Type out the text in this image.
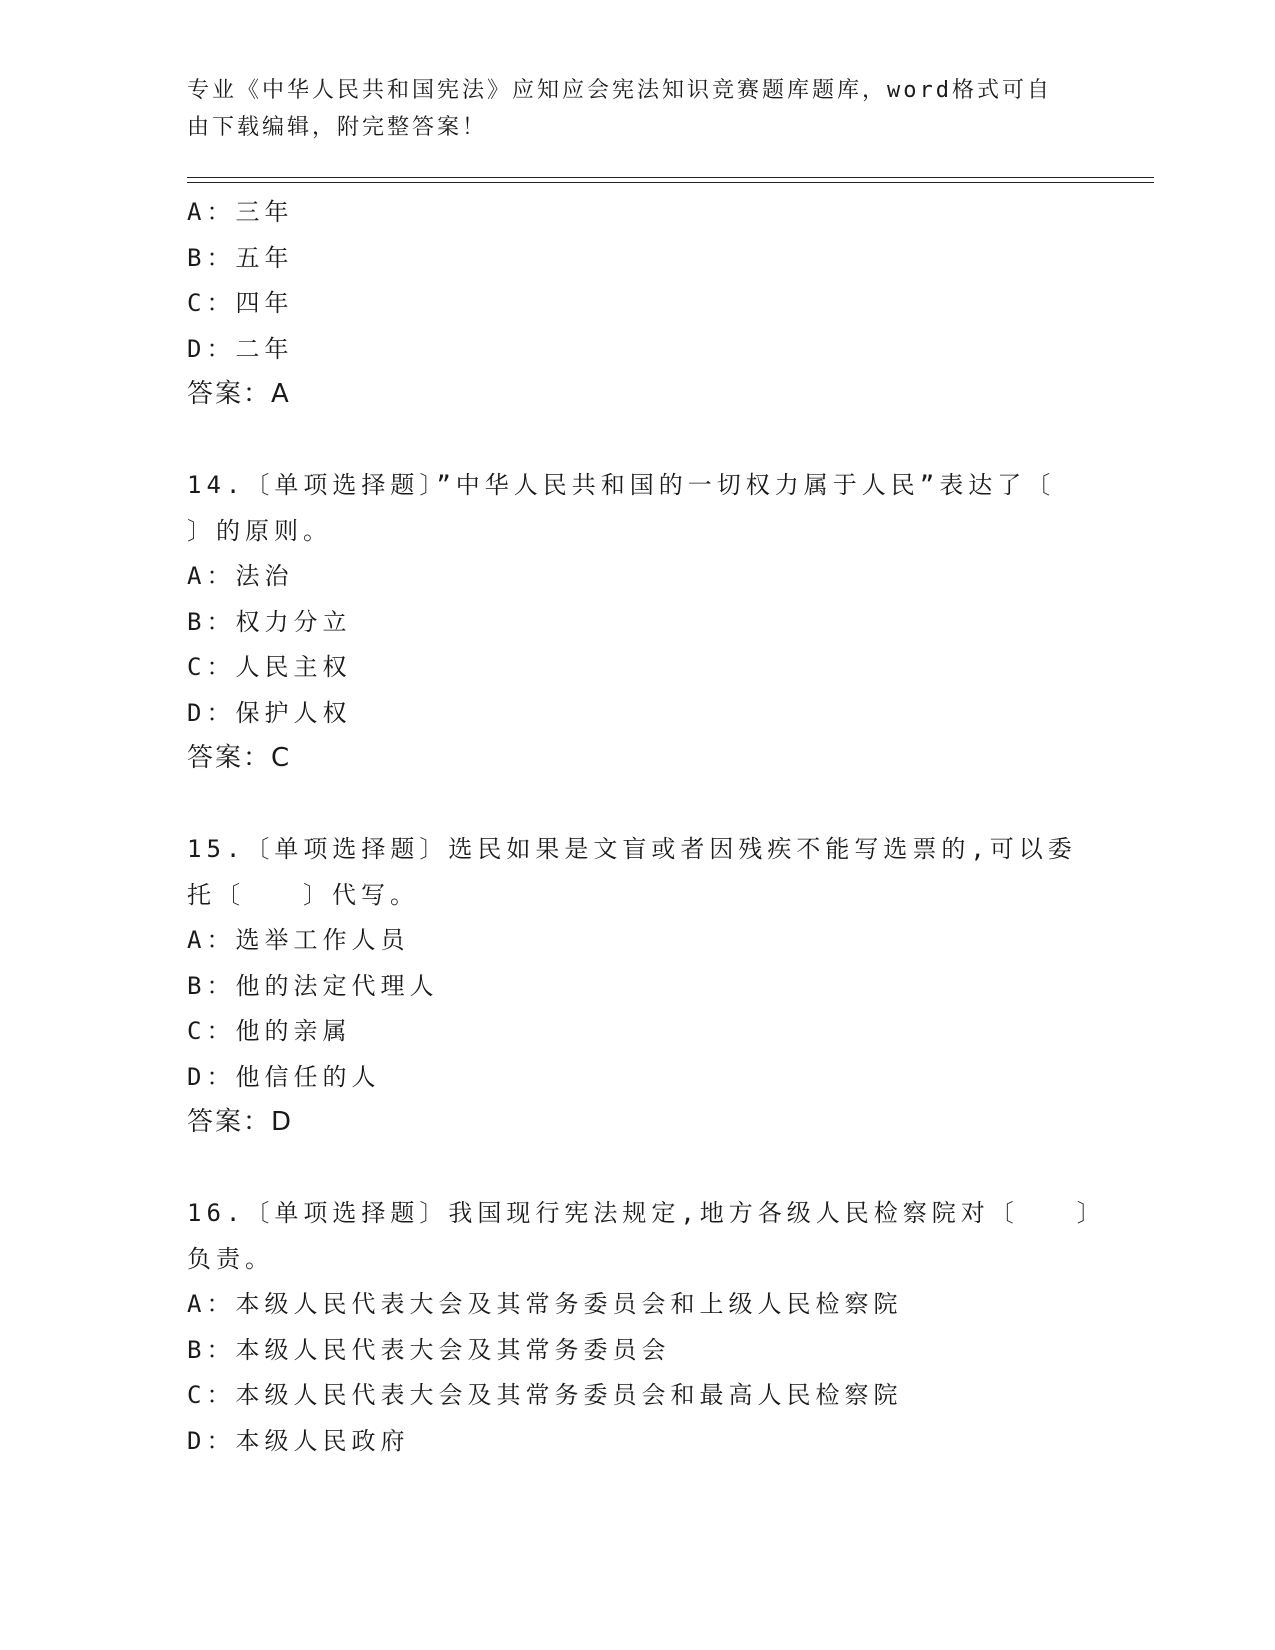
专业《中华人民共和国宪法》应知应会宪法知识竞赛题库题库，word格式可自由下载编辑，附完整答案！
A：三年
B：五年
C：四年
D：二年
答案：A
14.〔单项选择题〕”中华人民共和国的一切权力属于人民”表达了〔
〕的原则。
A：法治
B：权力分立
C：人民主权
D：保护人权
答案：C
15.〔单项选择题〕选民如果是文盲或者因残疾不能写选票的,可以委
托〔　　〕代写。
A：选举工作人员
B：他的法定代理人
C：他的亲属
D：他信任的人
答案：D
16.〔单项选择题〕我国现行宪法规定,地方各级人民检察院对〔　　〕
负责。
A：本级人民代表大会及其常务委员会和上级人民检察院
B：本级人民代表大会及其常务委员会
C：本级人民代表大会及其常务委员会和最高人民检察院
D：本级人民政府
